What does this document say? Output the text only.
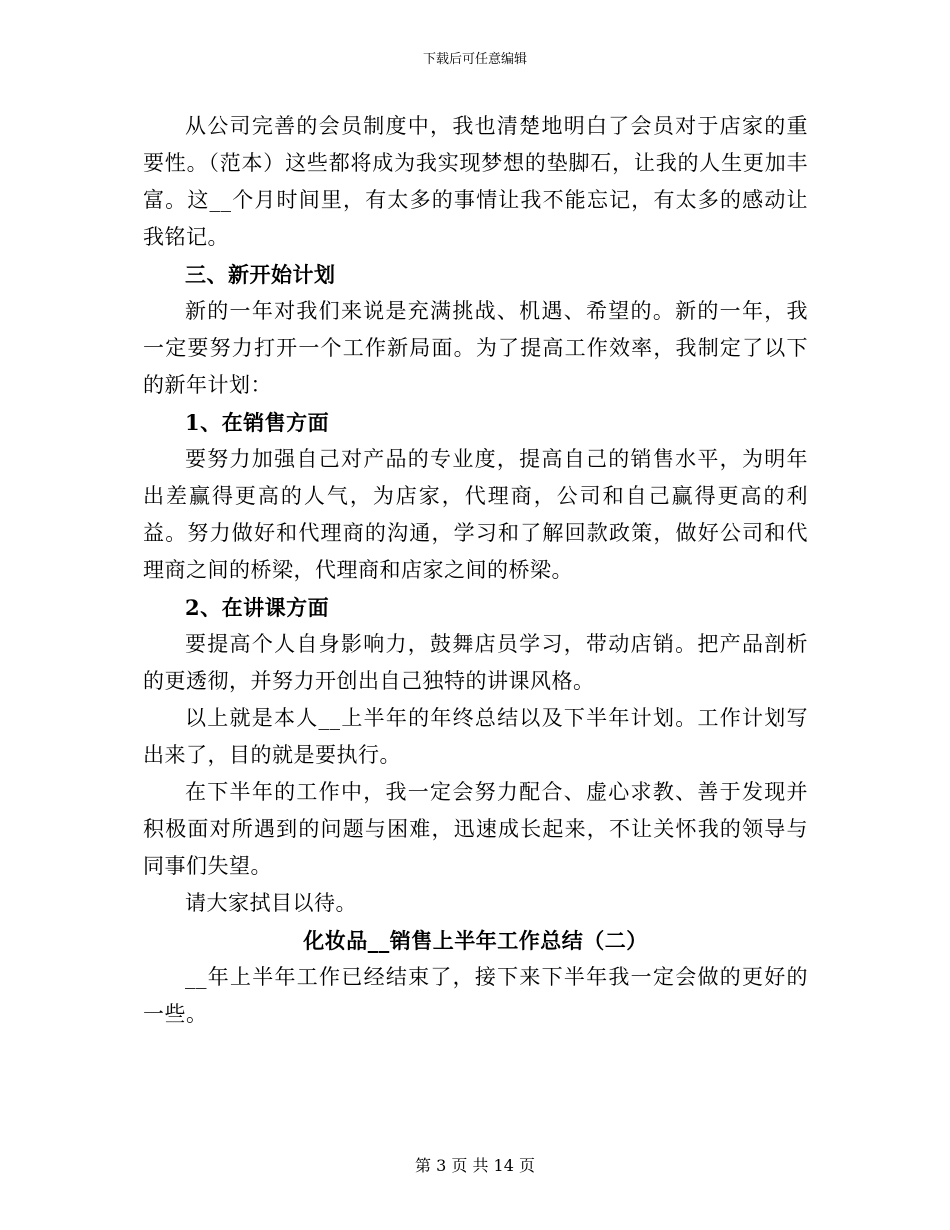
下载后可任意编辑

从公司完善的会员制度中，我也清楚地明白了会员对于店家的重要性。（范本）这些都将成为我实现梦想的垫脚石，让我的人生更加丰富。这__个月时间里，有太多的事情让我不能忘记，有太多的感动让我铭记。

三、新开始计划

新的一年对我们来说是充满挑战、机遇、希望的。新的一年，我一定要努力打开一个工作新局面。为了提高工作效率，我制定了以下的新年计划：

1、在销售方面

要努力加强自己对产品的专业度，提高自己的销售水平，为明年出差赢得更高的人气，为店家，代理商，公司和自己赢得更高的利益。努力做好和代理商的沟通，学习和了解回款政策，做好公司和代理商之间的桥梁，代理商和店家之间的桥梁。

2、在讲课方面

要提高个人自身影响力，鼓舞店员学习，带动店销。把产品剖析的更透彻，并努力开创出自己独特的讲课风格。

以上就是本人__上半年的年终总结以及下半年计划。工作计划写出来了，目的就是要执行。

在下半年的工作中，我一定会努力配合、虚心求教、善于发现并积极面对所遇到的问题与困难，迅速成长起来，不让关怀我的领导与同事们失望。

请大家拭目以待。

化妆品__销售上半年工作总结（二）

__年上半年工作已经结束了，接下来下半年我一定会做的更好的一些。

第 3 页 共 14 页
